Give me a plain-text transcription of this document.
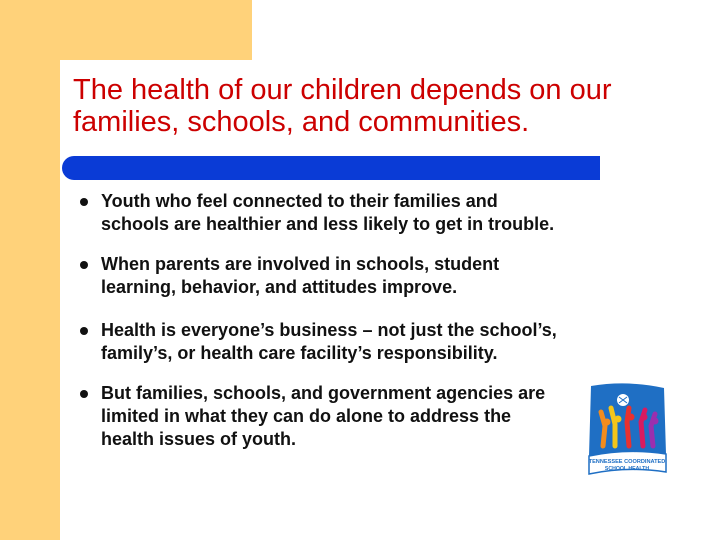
The health of our children depends on our families, schools, and communities.
Youth who feel connected to their families and schools are healthier and less likely to get in trouble.
When parents are involved in schools, student learning, behavior, and attitudes improve.
Health is everyone’s business – not just the school’s, family’s, or health care facility’s responsibility.
But families, schools, and government agencies are limited in what they can do alone to address the health issues of youth.
TENNESSEE COORDINATED
SCHOOL HEALTH
